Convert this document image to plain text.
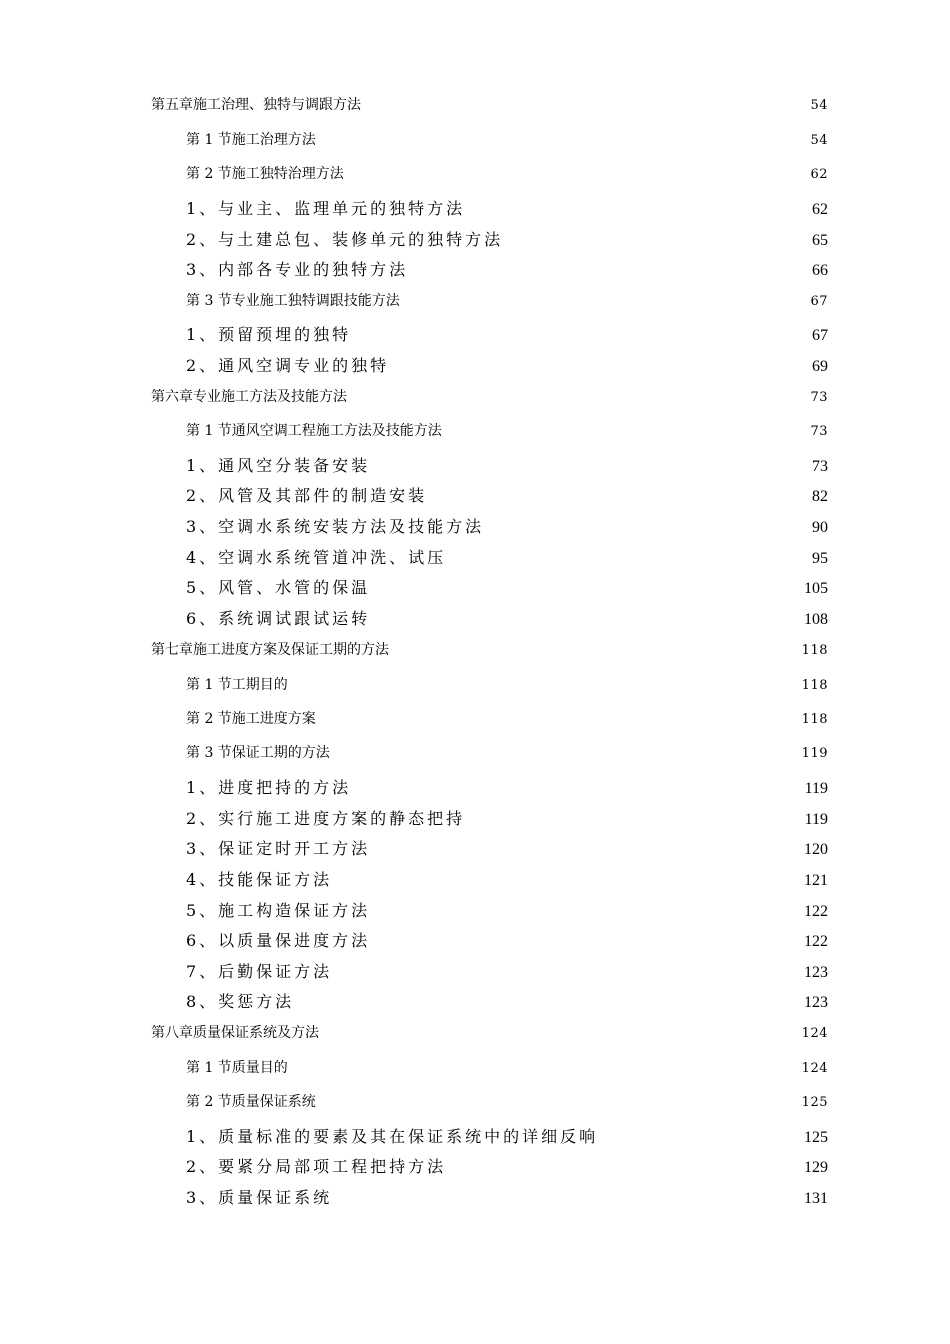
第五章施工治理、独特与调跟方法	54
第 1 节施工治理方法	54
第 2 节施工独特治理方法	62
1、与业主、监理单元的独特方法	62
2、与土建总包、装修单元的独特方法	65
3、内部各专业的独特方法	66
第 3 节专业施工独特调跟技能方法	67
1、预留预埋的独特	67
2、通风空调专业的独特	69
第六章专业施工方法及技能方法	73
第 1 节通风空调工程施工方法及技能方法	73
1、通风空分装备安装	73
2、风管及其部件的制造安装	82
3、空调水系统安装方法及技能方法	90
4、空调水系统管道冲洗、试压	95
5、风管、水管的保温	105
6、系统调试跟试运转	108
第七章施工进度方案及保证工期的方法	118
第 1 节工期目的	118
第 2 节施工进度方案	118
第 3 节保证工期的方法	119
1、进度把持的方法	119
2、实行施工进度方案的静态把持	119
3、保证定时开工方法	120
4、技能保证方法	121
5、施工构造保证方法	122
6、以质量保进度方法	122
7、后勤保证方法	123
8、奖惩方法	123
第八章质量保证系统及方法	124
第 1 节质量目的	124
第 2 节质量保证系统	125
1、质量标准的要素及其在保证系统中的详细反响	125
2、要紧分局部项工程把持方法	129
3、质量保证系统	131
